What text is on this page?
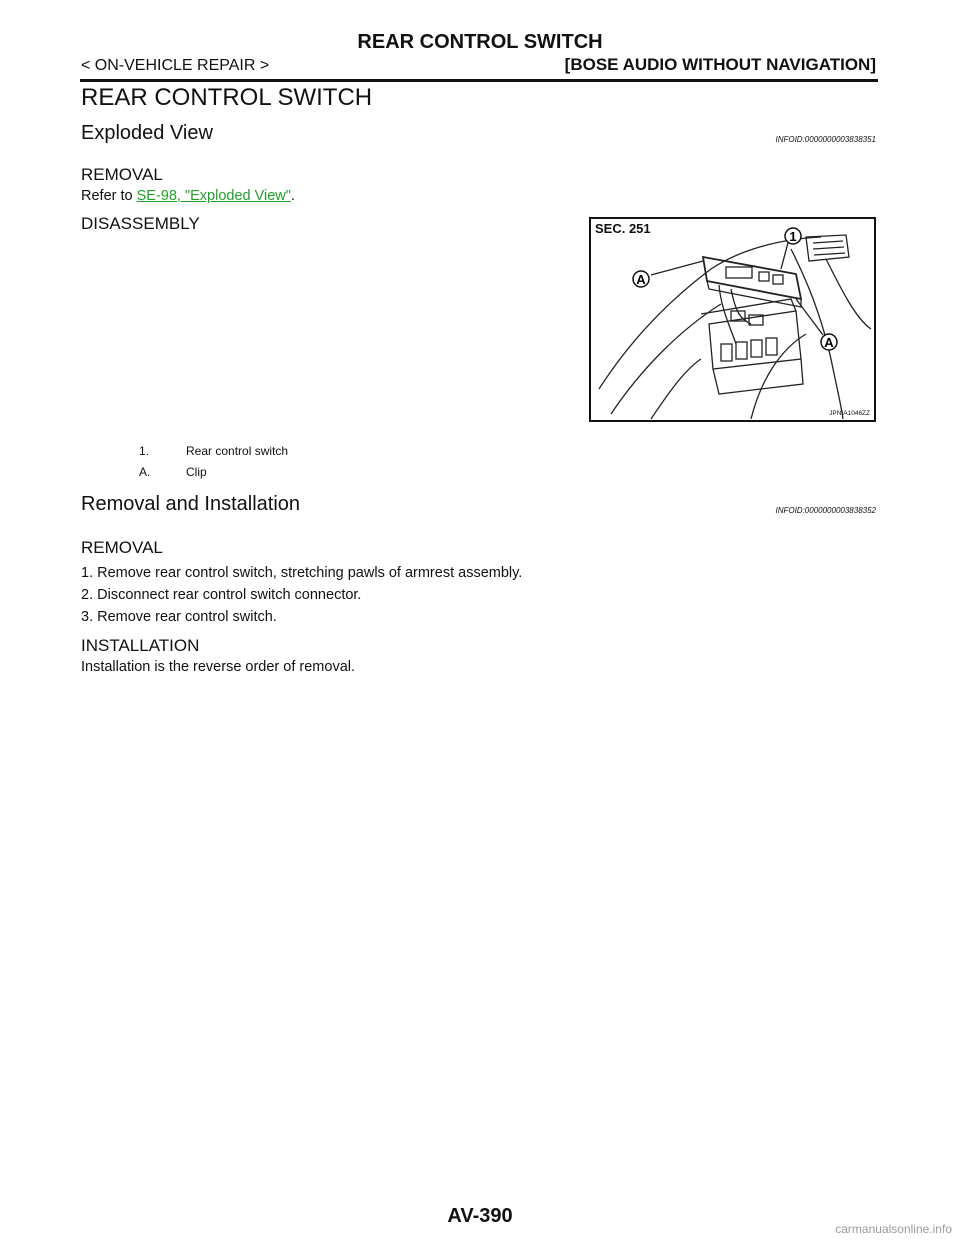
REAR CONTROL SWITCH
< ON-VEHICLE REPAIR >	[BOSE AUDIO WITHOUT NAVIGATION]
REAR CONTROL SWITCH
Exploded View	INFOID:0000000003838351
REMOVAL
Refer to SE-98, "Exploded View".
DISASSEMBLY	SEC. 251
1
A
A
JPNIA1046ZZ
1.	Rear control switch
A.	Clip
Removal and Installation	INFOID:0000000003838352
REMOVAL
1. Remove rear control switch, stretching pawls of armrest assembly.
2. Disconnect rear control switch connector.
3. Remove rear control switch.
INSTALLATION
Installation is the reverse order of removal.
AV-390
carmanualsonline.info
